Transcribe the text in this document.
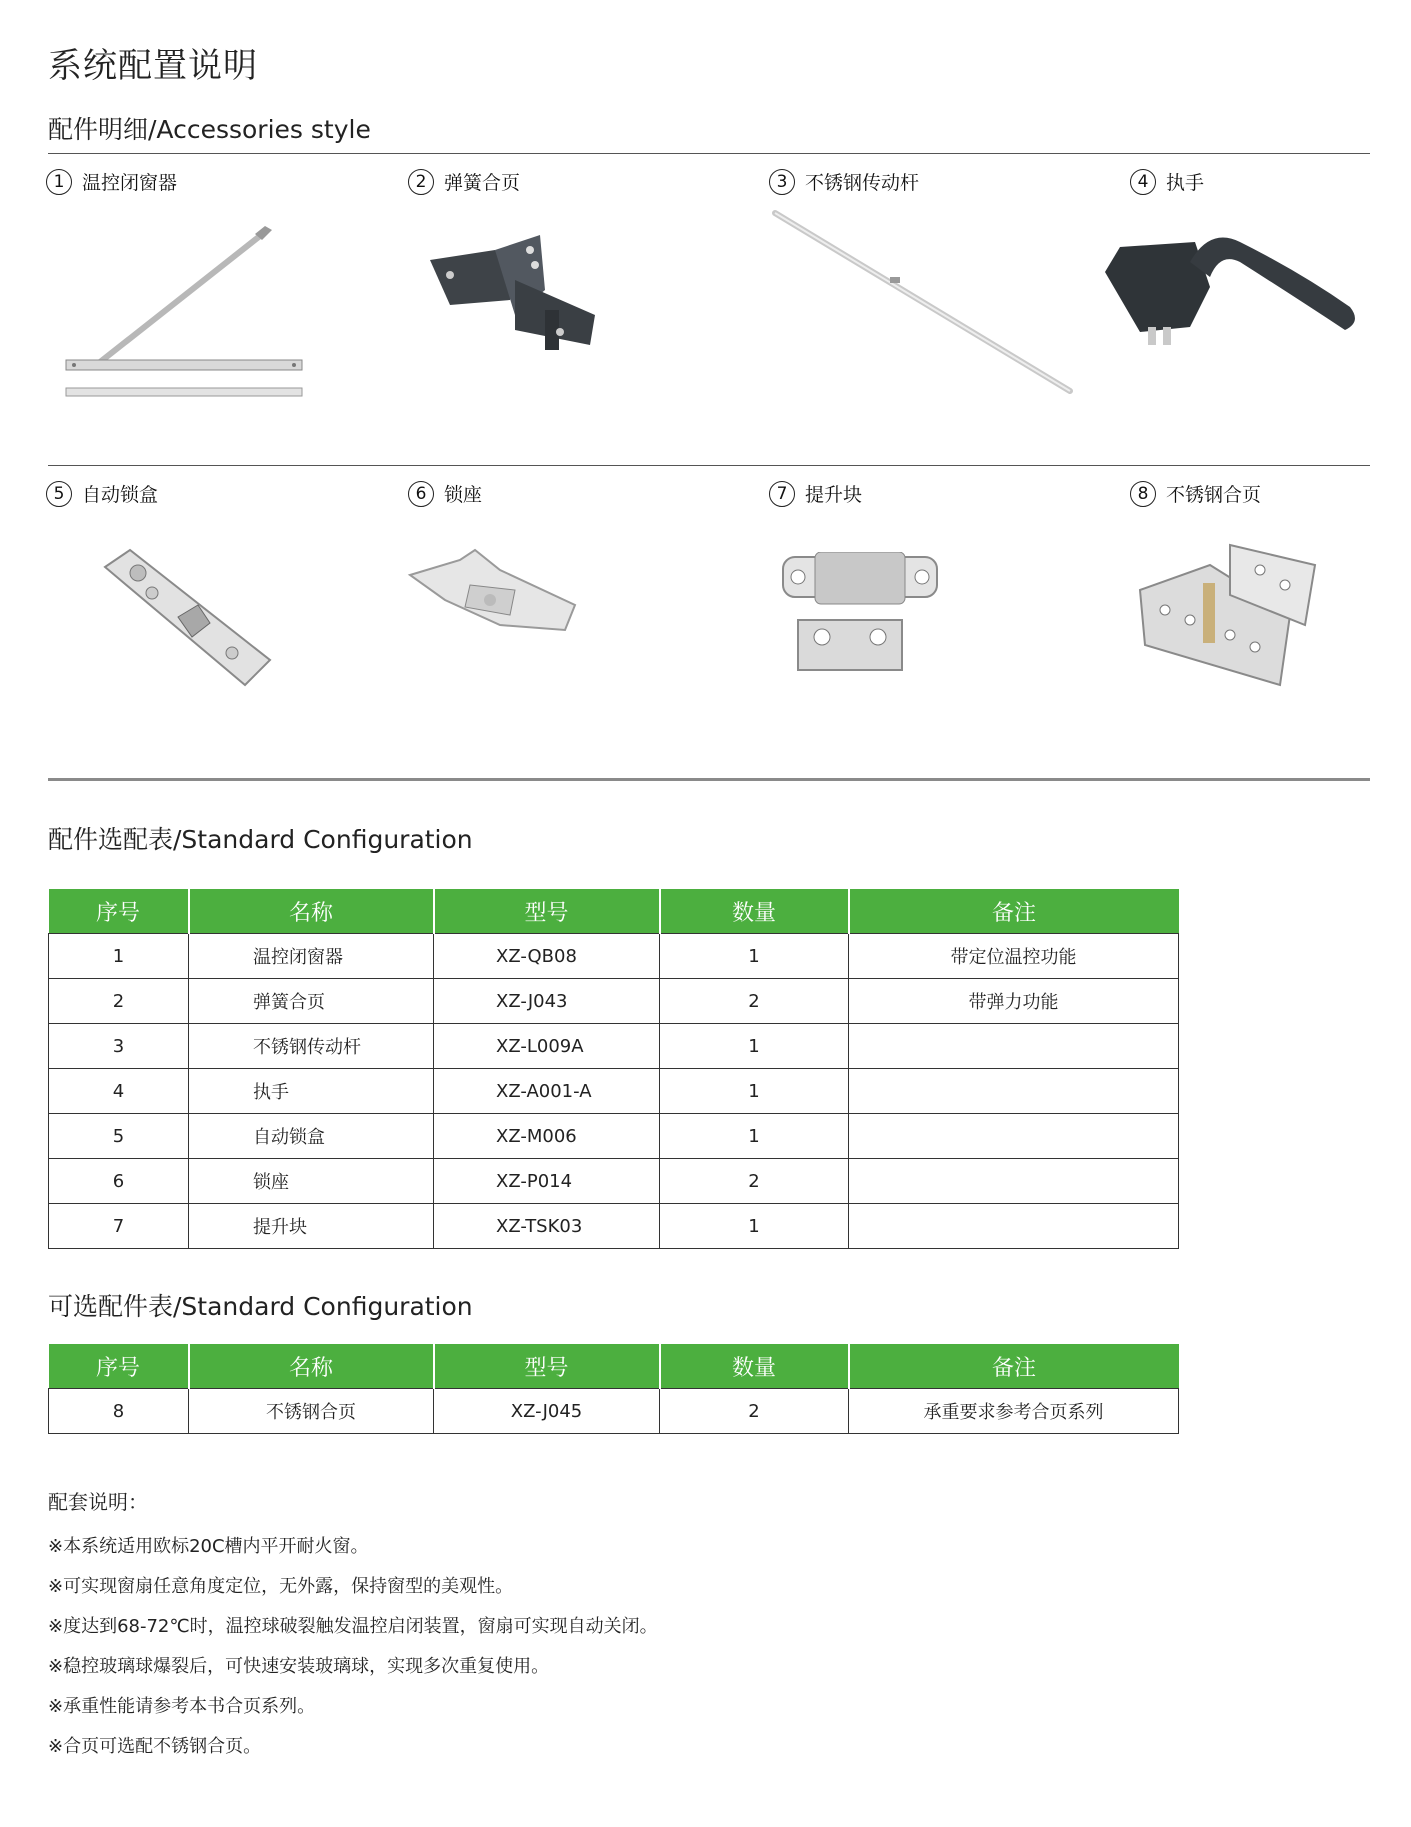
系统配置说明
配件明细/Accessories style
1 温控闭窗器	2 弹簧合页	3 不锈钢传动杆	4 执手
5 自动锁盒	6 锁座	7 提升块	8 不锈钢合页
配件选配表/Standard Configuration
序号	名称	型号	数量	备注
1	温控闭窗器	XZ-QB08	1	带定位温控功能
2	弹簧合页	XZ-J043	2	带弹力功能
3	不锈钢传动杆	XZ-L009A	1	
4	执手	XZ-A001-A	1	
5	自动锁盒	XZ-M006	1	
6	锁座	XZ-P014	2	
7	提升块	XZ-TSK03	1	
可选配件表/Standard Configuration
序号	名称	型号	数量	备注
8	不锈钢合页	XZ-J045	2	承重要求参考合页系列
配套说明：
※本系统适用欧标20C槽内平开耐火窗。
※可实现窗扇任意角度定位，无外露，保持窗型的美观性。
※度达到68-72℃时，温控球破裂触发温控启闭装置，窗扇可实现自动关闭。
※稳控玻璃球爆裂后，可快速安装玻璃球，实现多次重复使用。
※承重性能请参考本书合页系列。
※合页可选配不锈钢合页。
